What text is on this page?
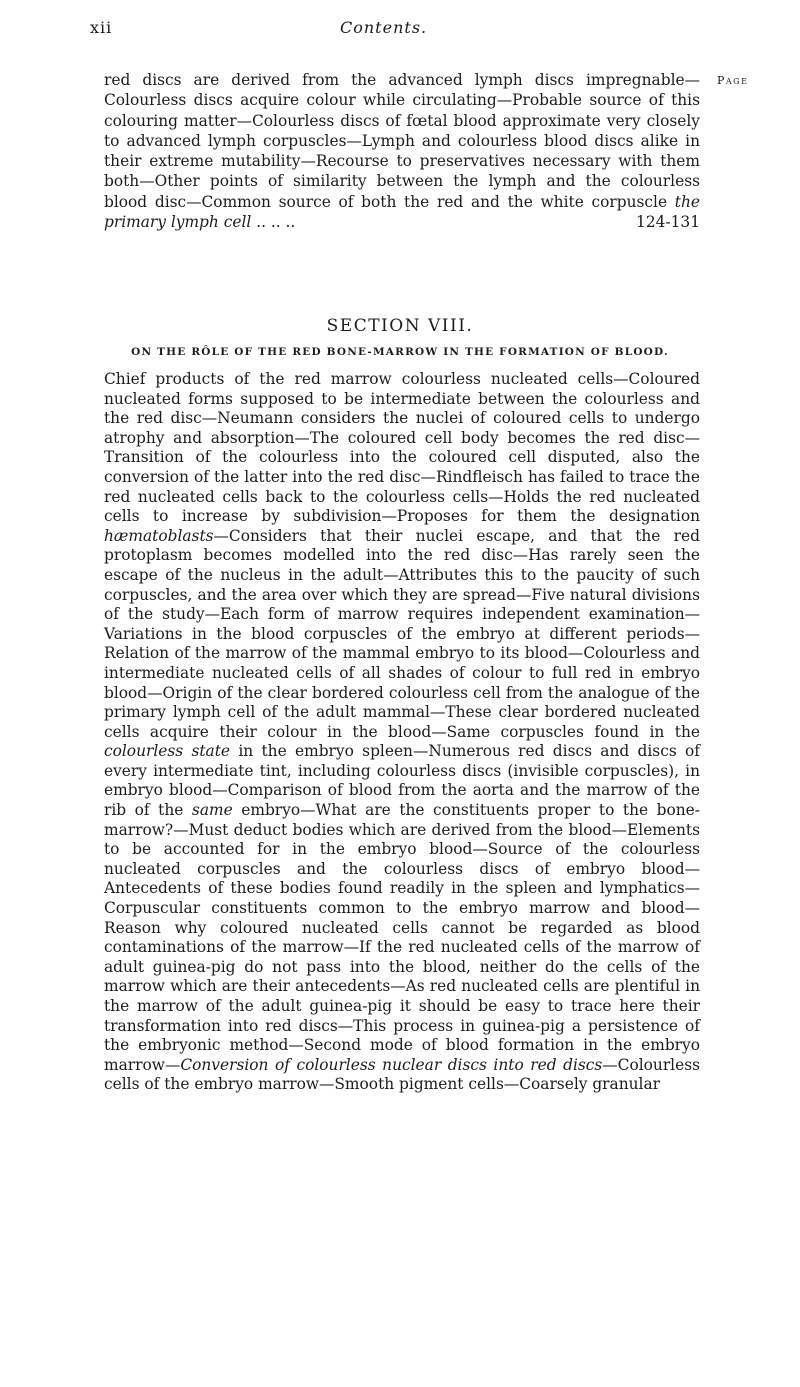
xii	Contents.
Page
red discs are derived from the advanced lymph discs impregnable—Colourless discs acquire colour while circulating—Probable source of this colouring matter—Colourless discs of fœtal blood approximate very closely to advanced lymph corpuscles—Lymph and colourless blood discs alike in their extreme mutability—Recourse to preservatives necessary with them both—Other points of similarity between the lymph and the colourless blood disc—Common source of both the red and the white corpuscle the primary lymph cell .. .. ..	124-131
SECTION VIII.
ON THE RÔLE OF THE RED BONE-MARROW IN THE FORMATION OF BLOOD.

Chief products of the red marrow colourless nucleated cells—Coloured nucleated forms supposed to be intermediate between the colourless and the red disc—Neumann considers the nuclei of coloured cells to undergo atrophy and absorption—The coloured cell body becomes the red disc—Transition of the colourless into the coloured cell disputed, also the conversion of the latter into the red disc—Rindfleisch has failed to trace the red nucleated cells back to the colourless cells—Holds the red nucleated cells to increase by subdivision—Proposes for them the designation hæmatoblasts—Considers that their nuclei escape, and that the red protoplasm becomes modelled into the red disc—Has rarely seen the escape of the nucleus in the adult—Attributes this to the paucity of such corpuscles, and the area over which they are spread—Five natural divisions of the study—Each form of marrow requires independent examination—Variations in the blood corpuscles of the embryo at different periods—Relation of the marrow of the mammal embryo to its blood—Colourless and intermediate nucleated cells of all shades of colour to full red in embryo blood—Origin of the clear bordered colourless cell from the analogue of the primary lymph cell of the adult mammal—These clear bordered nucleated cells acquire their colour in the blood—Same corpuscles found in the colourless state in the embryo spleen—Numerous red discs and discs of every intermediate tint, including colourless discs (invisible corpuscles), in embryo blood—Comparison of blood from the aorta and the marrow of the rib of the same embryo—What are the constituents proper to the bone-marrow?—Must deduct bodies which are derived from the blood—Elements to be accounted for in the embryo blood—Source of the colourless nucleated corpuscles and the colourless discs of embryo blood—Antecedents of these bodies found readily in the spleen and lymphatics—Corpuscular constituents common to the embryo marrow and blood—Reason why coloured nucleated cells cannot be regarded as blood contaminations of the marrow—If the red nucleated cells of the marrow of adult guinea-pig do not pass into the blood, neither do the cells of the marrow which are their antecedents—As red nucleated cells are plentiful in the marrow of the adult guinea-pig it should be easy to trace here their transformation into red discs—This process in guinea-pig a persistence of the embryonic method—Second mode of blood formation in the embryo marrow—Conversion of colourless nuclear discs into red discs—Colourless cells of the embryo marrow—Smooth pigment cells—Coarsely granular
